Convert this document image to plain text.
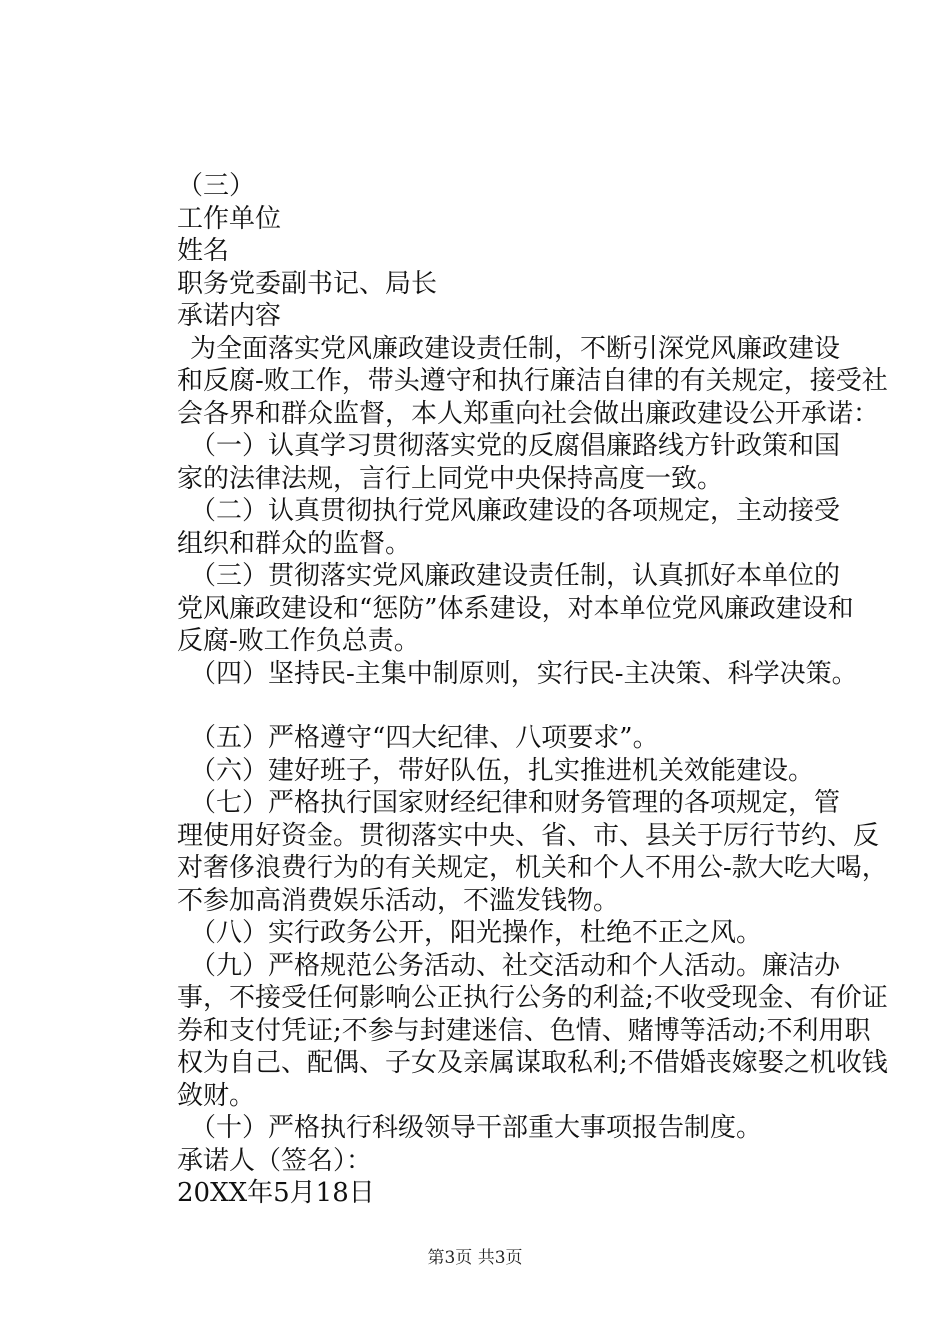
（三）
工作单位
姓名
职务党委副书记、局长
承诺内容
为全面落实党风廉政建设责任制，不断引深党风廉政建设
和反腐-败工作，带头遵守和执行廉洁自律的有关规定，接受社
会各界和群众监督，本人郑重向社会做出廉政建设公开承诺：
（一）认真学习贯彻落实党的反腐倡廉路线方针政策和国
家的法律法规，言行上同党中央保持高度一致。
（二）认真贯彻执行党风廉政建设的各项规定，主动接受
组织和群众的监督。
（三）贯彻落实党风廉政建设责任制，认真抓好本单位的
党风廉政建设和“惩防”体系建设，对本单位党风廉政建设和
反腐-败工作负总责。
（四）坚持民-主集中制原则，实行民-主决策、科学决策。
（五）严格遵守“四大纪律、八项要求”。
（六）建好班子，带好队伍，扎实推进机关效能建设。
（七）严格执行国家财经纪律和财务管理的各项规定，管
理使用好资金。贯彻落实中央、省、市、县关于厉行节约、反
对奢侈浪费行为的有关规定，机关和个人不用公-款大吃大喝，
不参加高消费娱乐活动，不滥发钱物。
（八）实行政务公开，阳光操作，杜绝不正之风。
（九）严格规范公务活动、社交活动和个人活动。廉洁办
事，不接受任何影响公正执行公务的利益;不收受现金、有价证
券和支付凭证;不参与封建迷信、色情、赌博等活动;不利用职
权为自己、配偶、子女及亲属谋取私利;不借婚丧嫁娶之机收钱
敛财。
（十）严格执行科级领导干部重大事项报告制度。
承诺人（签名）：
20XX年5月18日
第3页 共3页
